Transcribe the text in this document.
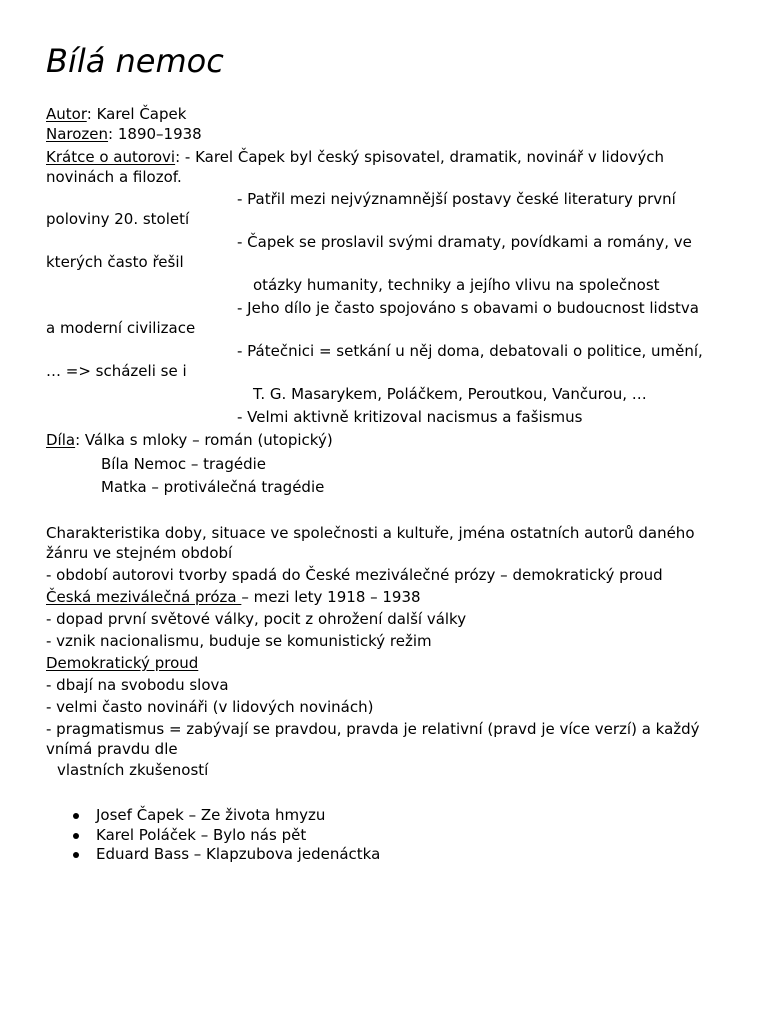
Bílá nemoc

Autor: Karel Čapek

Narozen: 1890–1938

Krátce o autorovi: - Karel Čapek byl český spisovatel, dramatik, novinář v lidových

novinách a filozof.

- Patřil mezi nejvýznamnější postavy české literatury první

poloviny 20. století

- Čapek se proslavil svými dramaty, povídkami a romány, ve

kterých často řešil

otázky humanity, techniky a jejího vlivu na společnost

- Jeho dílo je často spojováno s obavami o budoucnost lidstva

a moderní civilizace

- Pátečnici = setkání u něj doma, debatovali o politice, umění,

… => scházeli se i

T. G. Masarykem, Poláčkem, Peroutkou, Vančurou, …

- Velmi aktivně kritizoval nacismus a fašismus

Díla: Válka s mloky – román (utopický)

Bíla Nemoc – tragédie

Matka – protiválečná tragédie

Charakteristika doby, situace ve společnosti a kultuře, jména ostatních autorů daného

žánru ve stejném období

- období autorovi tvorby spadá do České meziválečné prózy – demokratický proud

Česká meziválečná próza – mezi lety 1918 – 1938

- dopad první světové války, pocit z ohrožení další války

- vznik nacionalismu, buduje se komunistický režim

Demokratický proud

- dbají na svobodu slova

- velmi často novináři (v lidových novinách)

- pragmatismus = zabývají se pravdou, pravda je relativní (pravd je více verzí) a každý

vnímá pravdu dle

vlastních zkušeností

Josef Čapek – Ze života hmyzu
Karel Poláček – Bylo nás pět
Eduard Bass – Klapzubova jedenáctka
